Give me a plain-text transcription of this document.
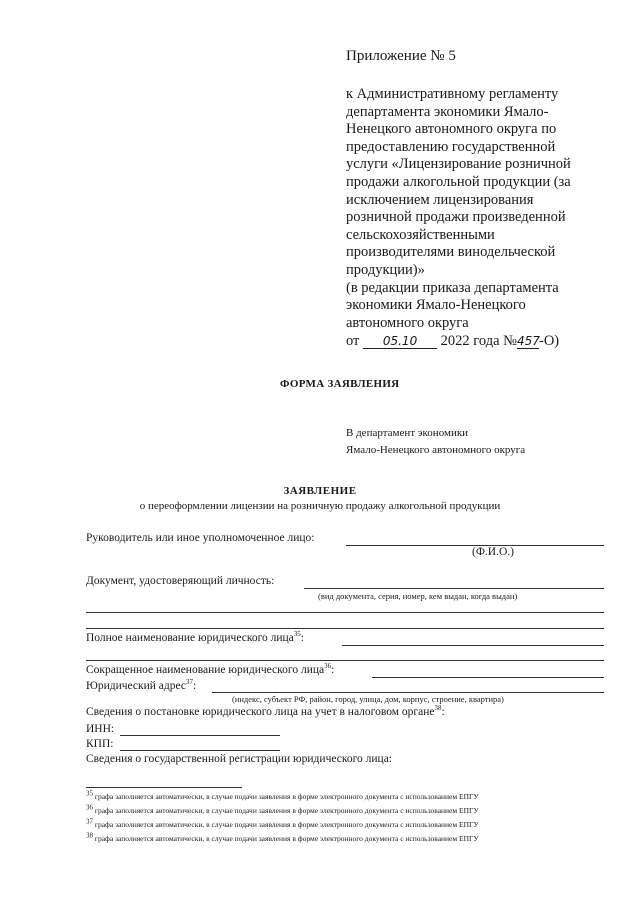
Приложение № 5
к Административному регламенту
департамента экономики Ямало-
Ненецкого автономного округа по
предоставлению государственной
услуги «Лицензирование розничной
продажи алкогольной продукции (за
исключением лицензирования
розничной продажи произведенной
сельскохозяйственными
производителями винодельческой
продукции)»
(в редакции приказа департамента
экономики Ямало-Ненецкого
автономного округа
от 05.10 2022 года №457-О)
ФОРМА ЗАЯВЛЕНИЯ
В департамент экономики
Ямало-Ненецкого автономного округа
ЗАЯВЛЕНИЕ
о переоформлении лицензии на розничную продажу алкогольной продукции
Руководитель или иное уполномоченное лицо:
(Ф.И.О.)
Документ, удостоверяющий личность:
(вид документа, серия, номер, кем выдан, когда выдан)
Полное наименование юридического лица$^{35}$:
Сокращенное наименование юридического лица$^{36}$:
Юридический адрес$^{37}$:
(индекс, субъект РФ, район, город, улица, дом, корпус, строение, квартира)
Сведения о постановке юридического лица на учет в налоговом органе$^{38}$:
ИНН:
КПП:
Сведения о государственной регистрации юридического лица:
35 графа заполняется автоматически, в случае подачи заявления в форме электронного документа с использованием ЕПГУ
36 графа заполняется автоматически, в случае подачи заявления в форме электронного документа с использованием ЕПГУ
37 графа заполняется автоматически, в случае подачи заявления в форме электронного документа с использованием ЕПГУ
38 графа заполняется автоматически, в случае подачи заявления в форме электронного документа с использованием ЕПГУ
